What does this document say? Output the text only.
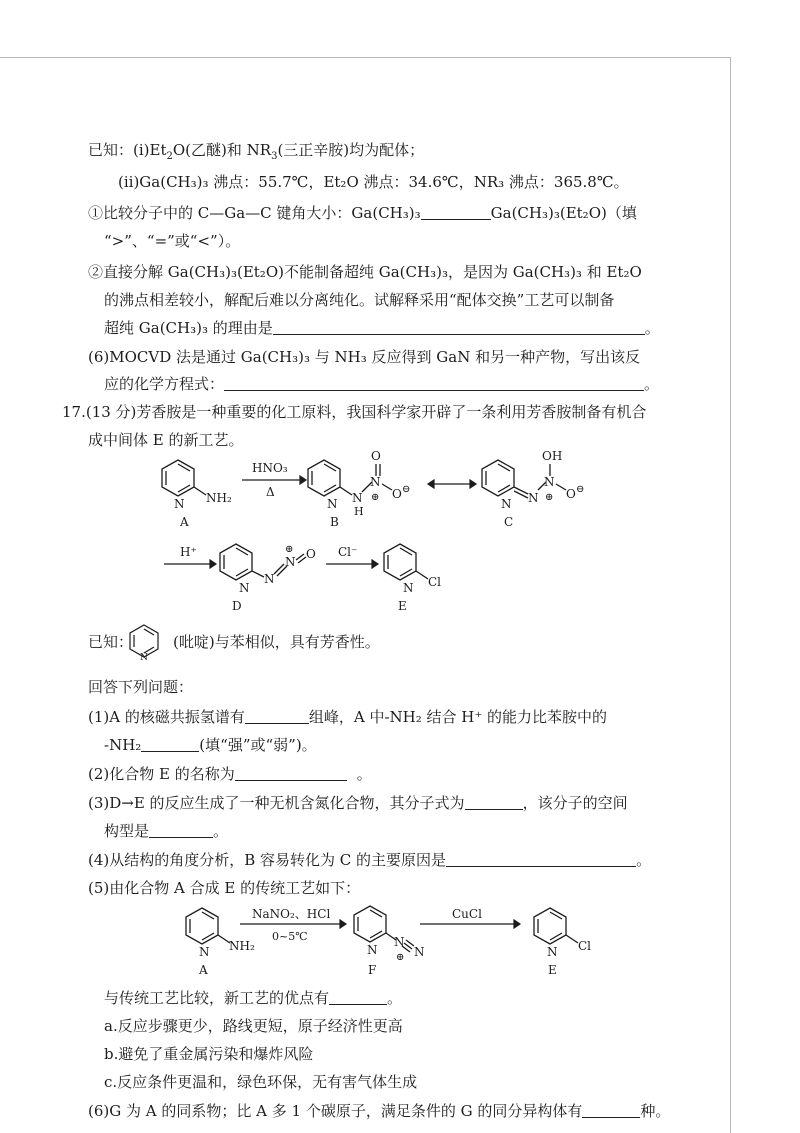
已知：$(ⅰ)Et_2O$(乙醚)和 $NR_3$(三正辛胺)均为配体；
(ⅱ)Ga(CH₃)₃ 沸点：55.7℃，Et₂O 沸点：34.6℃，NR₃ 沸点：365.8℃。
①比较分子中的 C—Ga—C 键角大小：Ga(CH₃)₃	Ga(CH₃)₃(Et₂O)（填
“>”、“=”或“<”）。
②直接分解 Ga(CH₃)₃(Et₂O)不能制备超纯 Ga(CH₃)₃，是因为 Ga(CH₃)₃ 和 Et₂O
的沸点相差较小，解配后难以分离纯化。试解释采用“配体交换”工艺可以制备
超纯 Ga(CH₃)₃ 的理由是	。
(6)MOCVD 法是通过 Ga(CH₃)₃ 与 NH₃ 反应得到 GaN 和另一种产物，写出该反
应的化学方程式：	。
17.(13 分)芳香胺是一种重要的化工原料，我国科学家开辟了一条利用芳香胺制备有机合
成中间体 E 的新工艺。
N NH₂
A
HNO₃
Δ	N
H
N
⊕
O
O ⊖
N
B
N
N
⊕
OH
O ⊖
N
C
H⁺
N
N
⊕ O
N
D
Cl⁻
Cl
N
E
已知：	(吡啶)与苯相似，具有芳香性。
N
回答下列问题：
(1)A 的核磁共振氢谱有	组峰，A 中-NH₂ 结合 H⁺ 的能力比苯胺中的
-NH₂	(填“强”或“弱”)。
(2)化合物 E 的名称为	。
(3)D→E 的反应生成了一种无机含氮化合物，其分子式为	，该分子的空间
构型是	。
(4)从结构的角度分析，B 容易转化为 C 的主要原因是	。
(5)由化合物 A 合成 E 的传统工艺如下：
NH₂
N
A
NaNO₂、HCl
0~5℃	N
N
⊕
N
F
CuCl
Cl
N
E
与传统工艺比较，新工艺的优点有	。
a.反应步骤更少，路线更短，原子经济性更高
b.避免了重金属污染和爆炸风险
c.反应条件更温和，绿色环保，无有害气体生成
(6)G 为 A 的同系物；比 A 多 1 个碳原子，满足条件的 G 的同分异构体有	种。
